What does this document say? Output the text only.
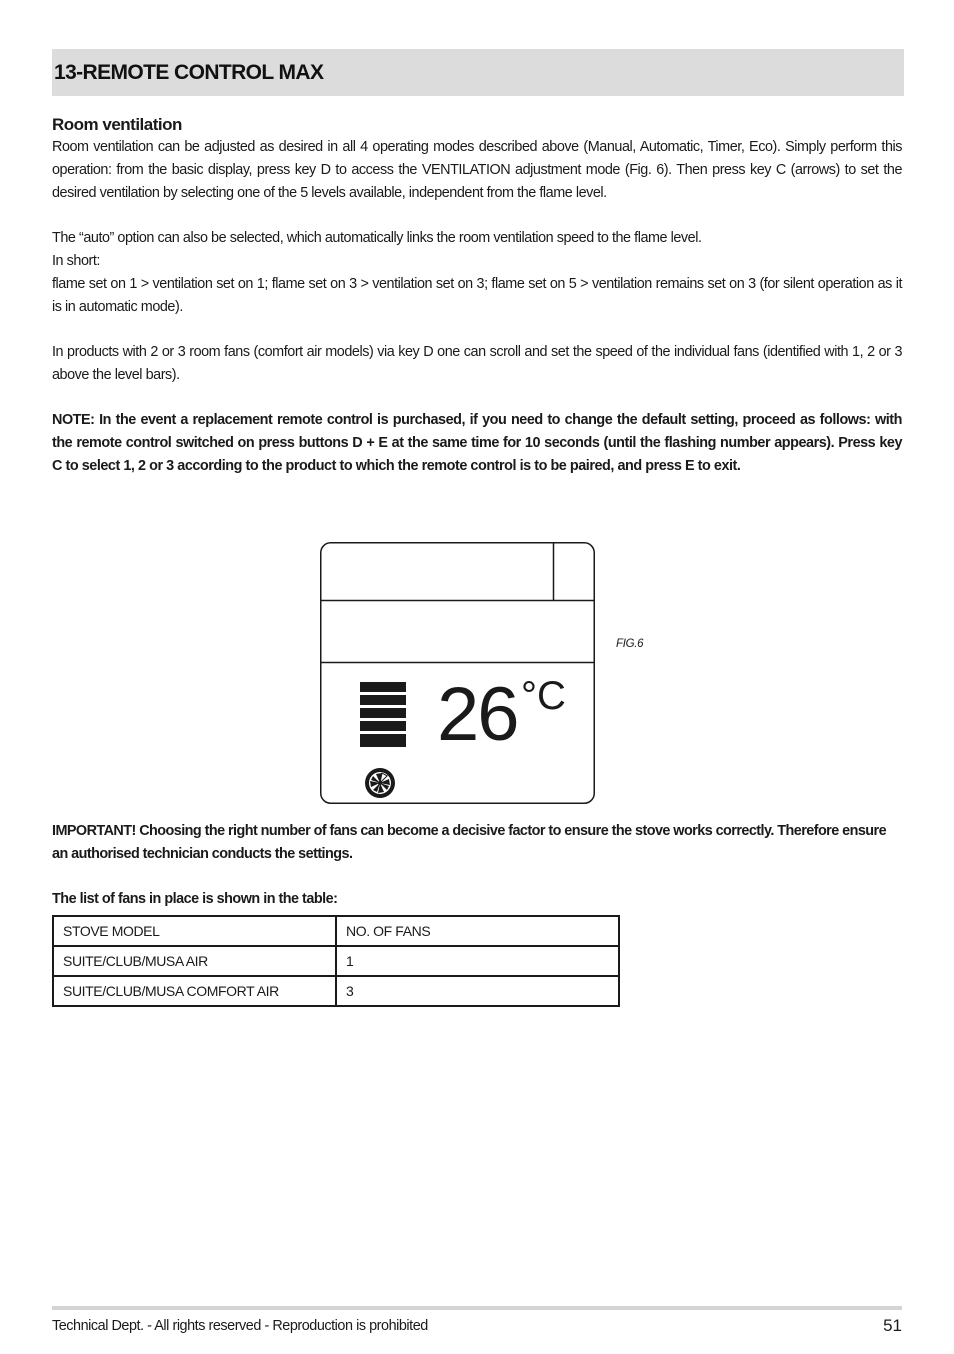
13-REMOTE CONTROL MAX
Room ventilation

Room ventilation can be adjusted as desired in all 4 operating modes described above (Manual, Automatic, Timer, Eco). Simply perform this operation: from the basic display, press key D to access the VENTILATION adjustment mode (Fig. 6). Then press key C (arrows) to set the desired ventilation by selecting one of the 5 levels available, independent from the flame level.

The “auto” option can also be selected, which automatically links the room ventilation speed to the flame level.

In short:

flame set on 1 > ventilation set on 1; flame set on 3 > ventilation set on 3; flame set on 5 > ventilation remains set on 3 (for silent operation as it is in automatic mode).

In products with 2 or 3 room fans (comfort air models) via key D one can scroll and set the speed of the individual fans (identified with 1, 2 or 3 above the level bars).

NOTE: In the event a replacement remote control is purchased, if you need to change the default setting, proceed as follows: with the remote control switched on press buttons D + E at the same time for 10 seconds (until the flashing number appears). Press key C to select 1, 2 or 3 according to the product to which the remote control is to be paired, and press E to exit.

26 °C
FIG.6

IMPORTANT! Choosing the right number of fans can become a decisive factor to ensure the stove works correctly. Therefore ensure an authorised technician conducts the settings.

The list of fans in place is shown in the table:

STOVE MODEL	NO. OF FANS
SUITE/CLUB/MUSA AIR	1
SUITE/CLUB/MUSA COMFORT AIR	3
Technical Dept. - All rights reserved - Reproduction is prohibited	51
